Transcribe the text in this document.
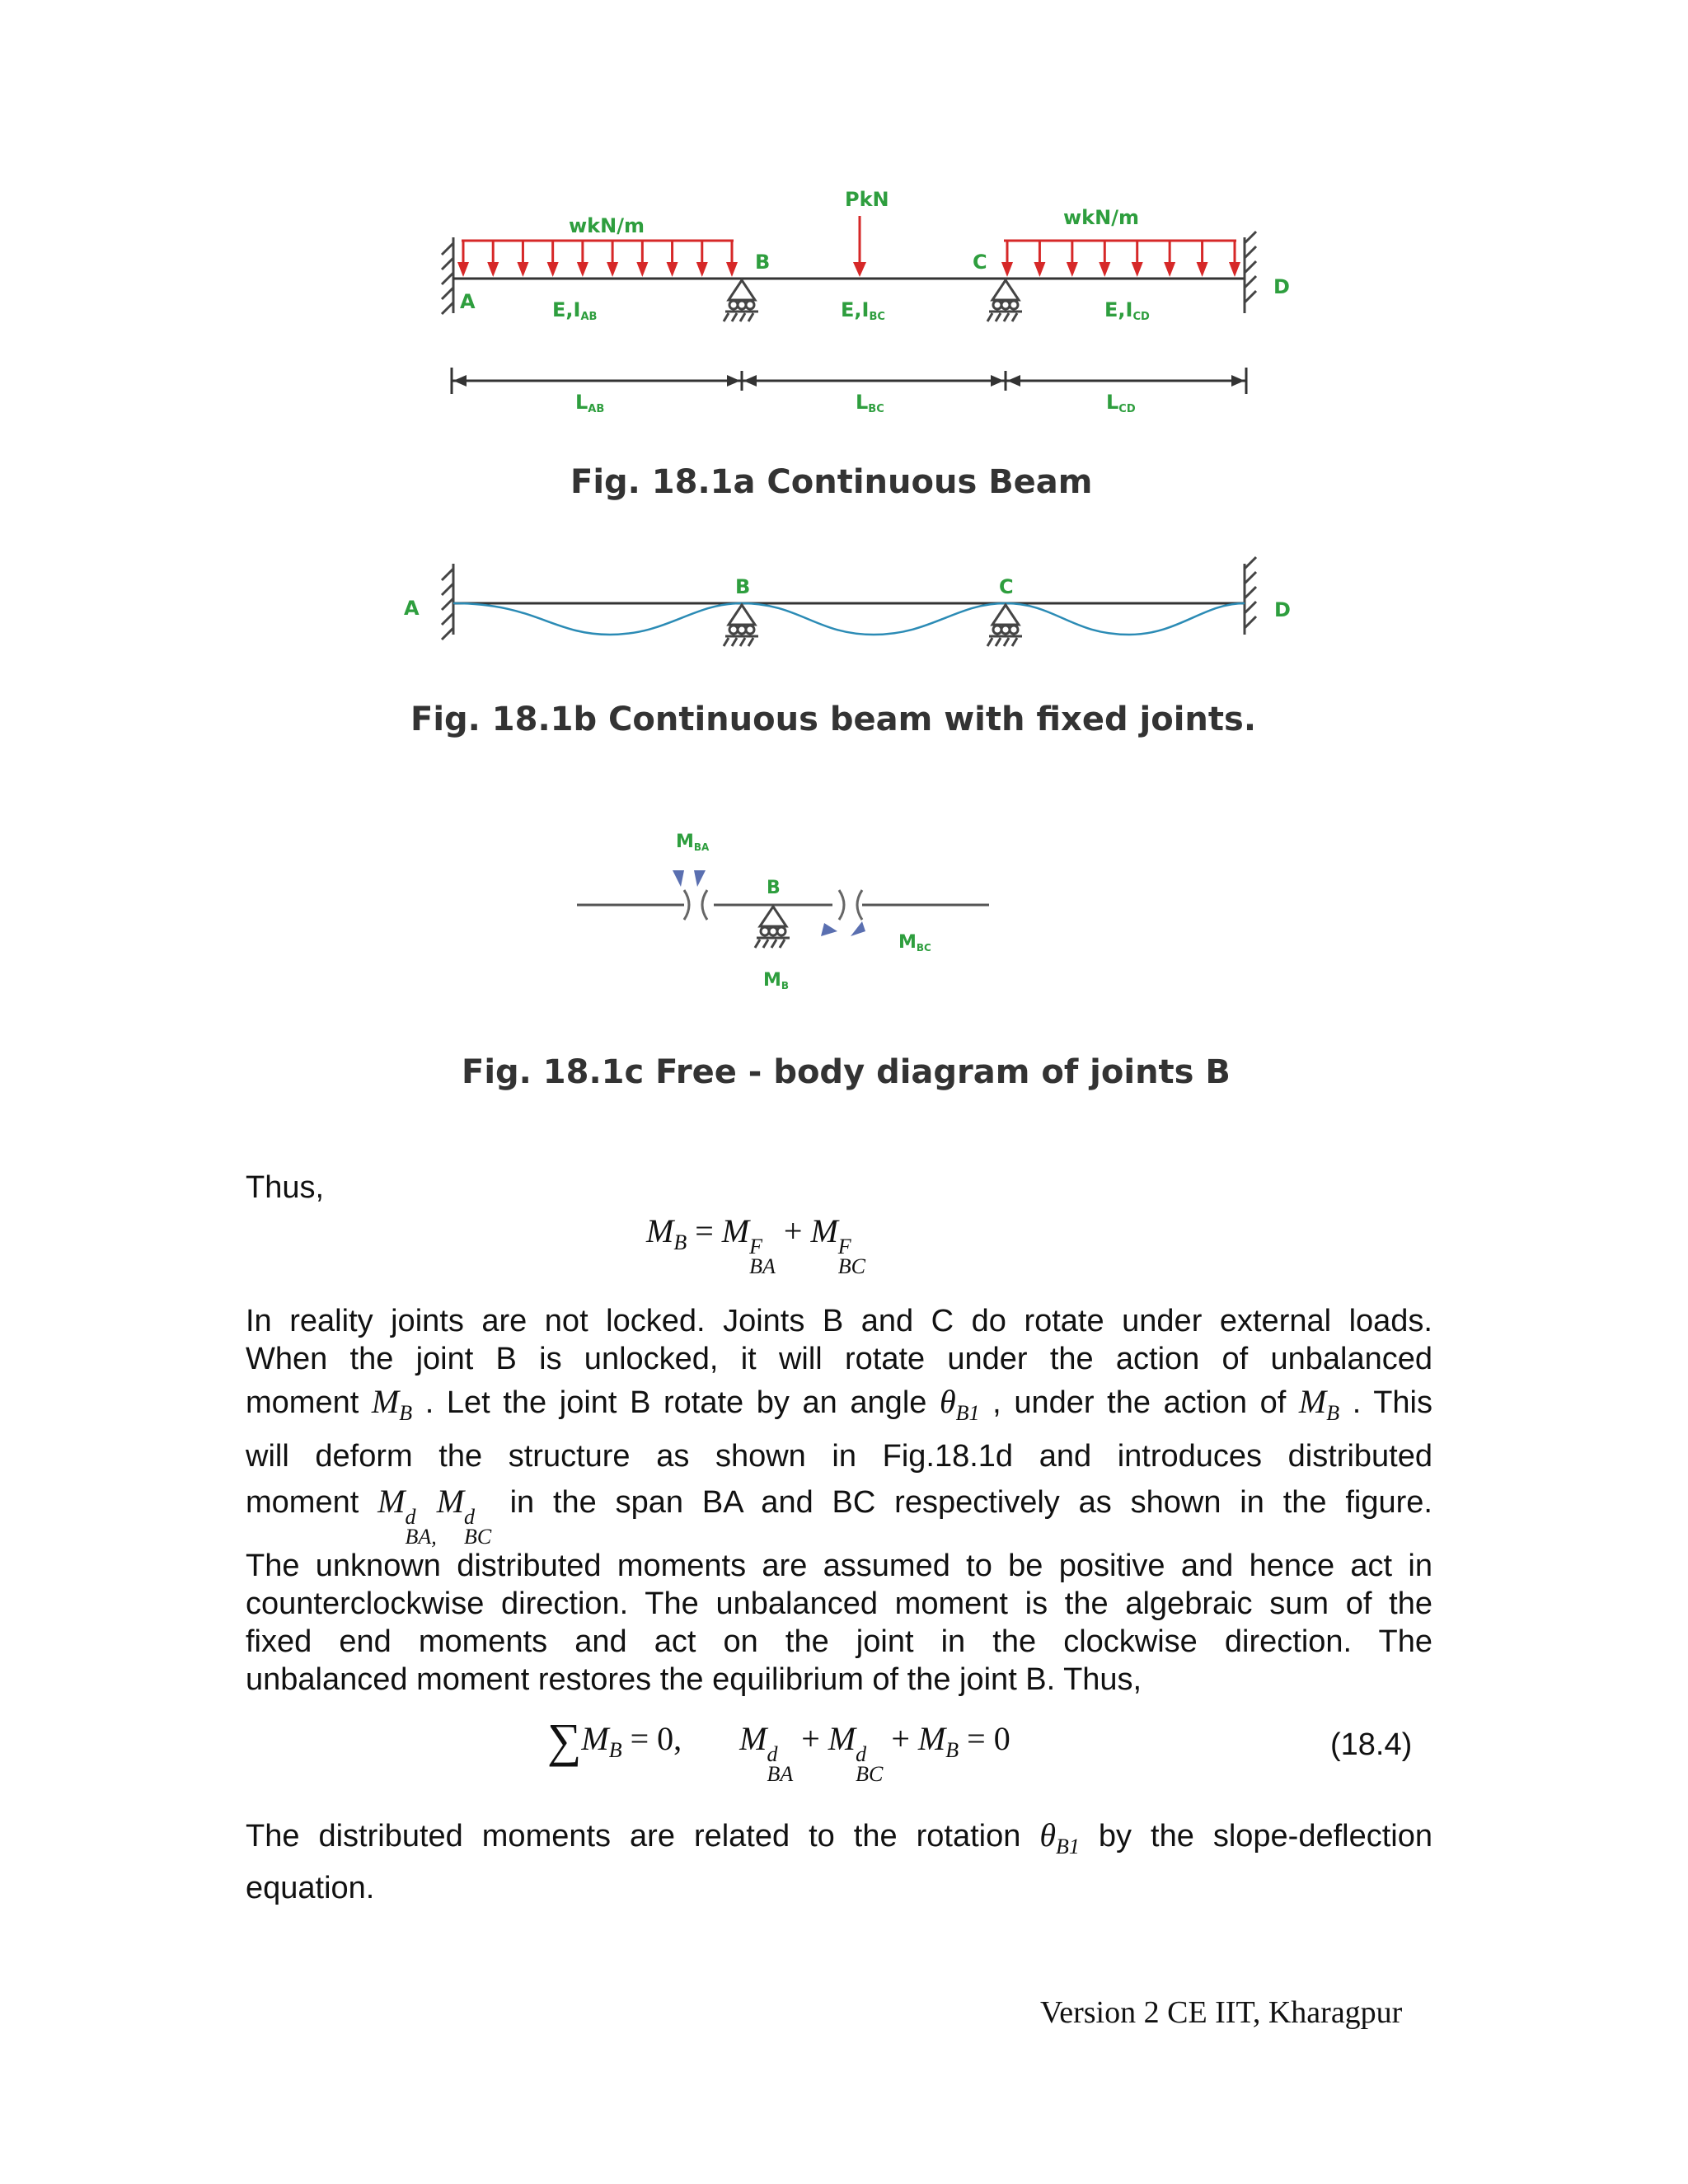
wkN/m
PkN
wkN/m
A
B	C
D
E,IAB	E,IBC	E,ICD
LAB	LBC	LCD
Fig. 18.1a Continuous Beam
A
B	C
D
Fig. 18.1b Continuous beam with fixed joints.
MBA
B
MBC
MB
Fig. 18.1c Free - body diagram of joints B
Thus,
$M_B = M$ F
BA
+ M F
BC
In reality joints are not locked. Joints B and C do rotate under external loads.
When the joint B is unlocked, it will rotate under the action of unbalanced
moment $M_B$ . Let the joint B rotate by an angle $\theta_{B1}$ , under the action of $M_B$ . This
will deform the structure as shown in Fig.18.1d and introduces distributed
moment M d
BA,
M d
BC
in the span BA and BC respectively as shown in the figure.
The unknown distributed moments are assumed to be positive and hence act in
counterclockwise direction. The unbalanced moment is the algebraic sum of the
fixed end moments and act on the joint in the clockwise direction. The
unbalanced moment restores the equilibrium of the joint B. Thus,
$\sum M_B = 0$, M d
BA
+ M d
BC
+ $M_B = 0$	(18.4)
The distributed moments are related to the rotation $\theta_{B1}$ by the slope-deflection
equation.
Version 2 CE IIT, Kharagpur
